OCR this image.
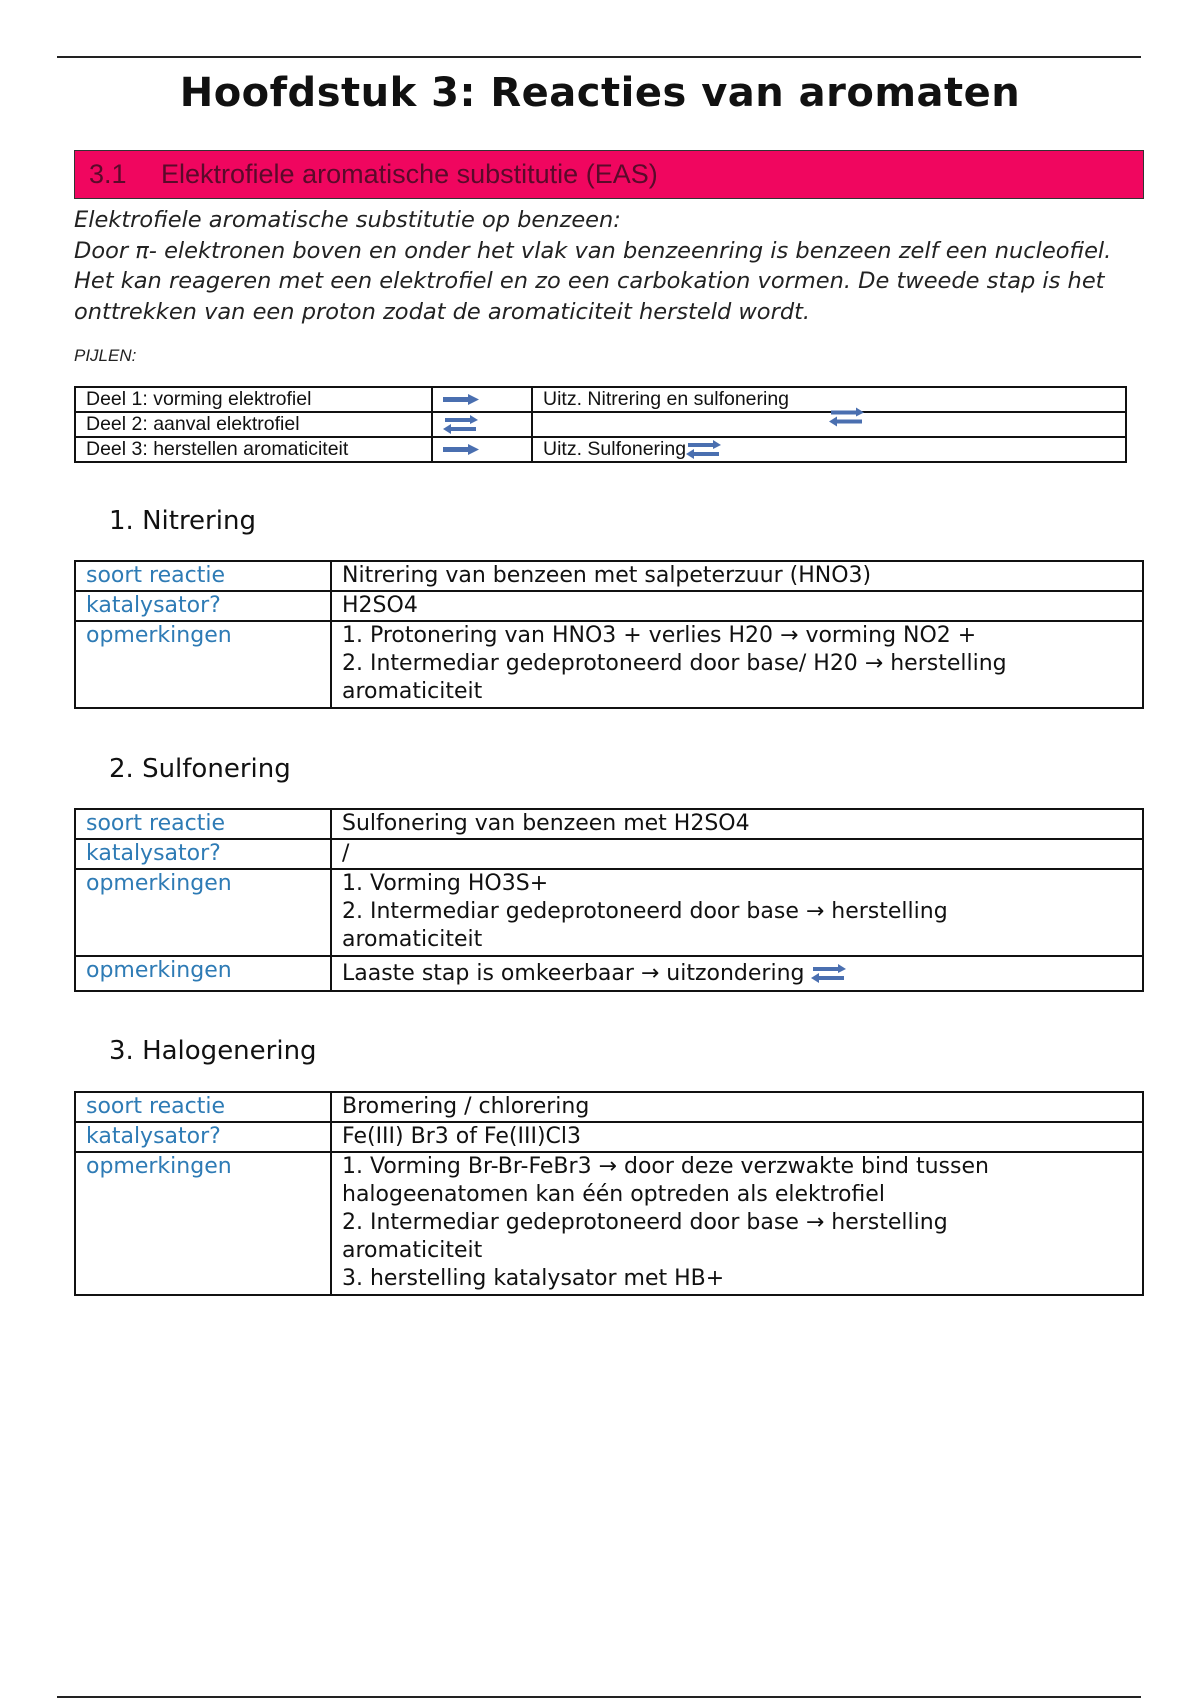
Hoofdstuk 3: Reacties van aromaten
3.1 Elektrofiele aromatische substitutie (EAS)
Elektrofiele aromatische substitutie op benzeen:
Door π- elektronen boven en onder het vlak van benzeenring is benzeen zelf een nucleofiel. Het kan reageren met een elektrofiel en zo een carbokation vormen. De tweede stap is het onttrekken van een proton zodat de aromaticiteit hersteld wordt.
PIJLEN:
Deel 1: vorming elektrofiel		Uitz. Nitrering en sulfonering
Deel 2: aanval elektrofiel		

Deel 3: herstellen aromaticiteit		Uitz. Sulfonering
1. Nitrering
soort reactie	Nitrering van benzeen met salpeterzuur (HNO3)
katalysator?	H2SO4
opmerkingen	1. Protonering van HNO3 + verlies H20 → vorming NO2 +
2. Intermediar gedeprotoneerd door base/ H20 → herstelling aromaticiteit
2. Sulfonering
soort reactie	Sulfonering van benzeen met H2SO4
katalysator?	/
opmerkingen	1. Vorming HO3S+
2. Intermediar gedeprotoneerd door base → herstelling aromaticiteit

opmerkingen	Laaste stap is omkeerbaar → uitzondering
3. Halogenering
soort reactie	Bromering / chlorering
katalysator?	Fe(III) Br3 of Fe(III)Cl3
opmerkingen	1. Vorming Br-Br-FeBr3 → door deze verzwakte bind tussen halogeenatomen kan één optreden als elektrofiel
2. Intermediar gedeprotoneerd door base → herstelling aromaticiteit
3. herstelling katalysator met HB+
